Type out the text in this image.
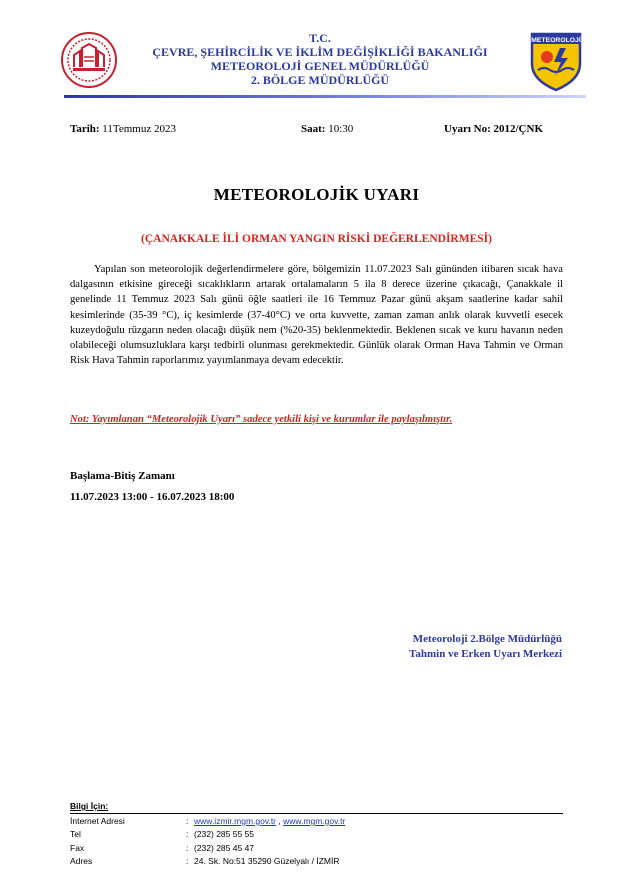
T.C.
ÇEVRE, ŞEHİRCİLİK VE İKLİM DEĞİŞİKLİĞİ BAKANLIĞI
METEOROLOJİ GENEL MÜDÜRLÜĞÜ
2. BÖLGE MÜDÜRLÜĞÜ
METEOROLOJİ
Tarih: 11Temmuz 2023	Saat: 10:30	Uyarı No: 2012/ÇNK
METEOROLOJİK UYARI
(ÇANAKKALE İLİ ORMAN YANGIN RİSKİ DEĞERLENDİRMESİ)
Yapılan son meteorolojik değerlendirmelere göre, bölgemizin 11.07.2023 Salı gününden itibaren sıcak hava dalgasının etkisine gireceği sıcaklıkların artarak ortalamaların 5 ila 8 derece üzerine çıkacağı, Çanakkale il genelinde 11 Temmuz 2023 Salı günü öğle saatleri ile 16 Temmuz Pazar günü akşam saatlerine kadar sahil kesimlerinde (35-39 °C), iç kesimlerde (37-40°C) ve orta kuvvette, zaman zaman anlık olarak kuvvetli esecek kuzeydoğulu rüzgarın neden olacağı düşük nem (%20-35) beklenmektedir. Beklenen sıcak ve kuru havanın neden olabileceği olumsuzluklara karşı tedbirli olunması gerekmektedir. Günlük olarak Orman Hava Tahmin ve Orman Risk Hava Tahmin raporlarımız yayımlanmaya devam edecektir.
Not: Yayımlanan “Meteorolojik Uyarı” sadece yetkili kişi ve kurumlar ile paylaşılmıştır.
Başlama-Bitiş Zamanı
11.07.2023 13:00 - 16.07.2023 18:00
Meteoroloji 2.Bölge Müdürlüğü
Tahmin ve Erken Uyarı Merkezi
Bilgi İçin:
İnternet Adresi	:	www.izmir.mgm.gov.tr , www.mgm.gov.tr
Tel	:	(232) 285 55 55
Fax	:	(232) 285 45 47
Adres	:	24. Sk. No:51 35290 Güzelyalı / İZMİR
